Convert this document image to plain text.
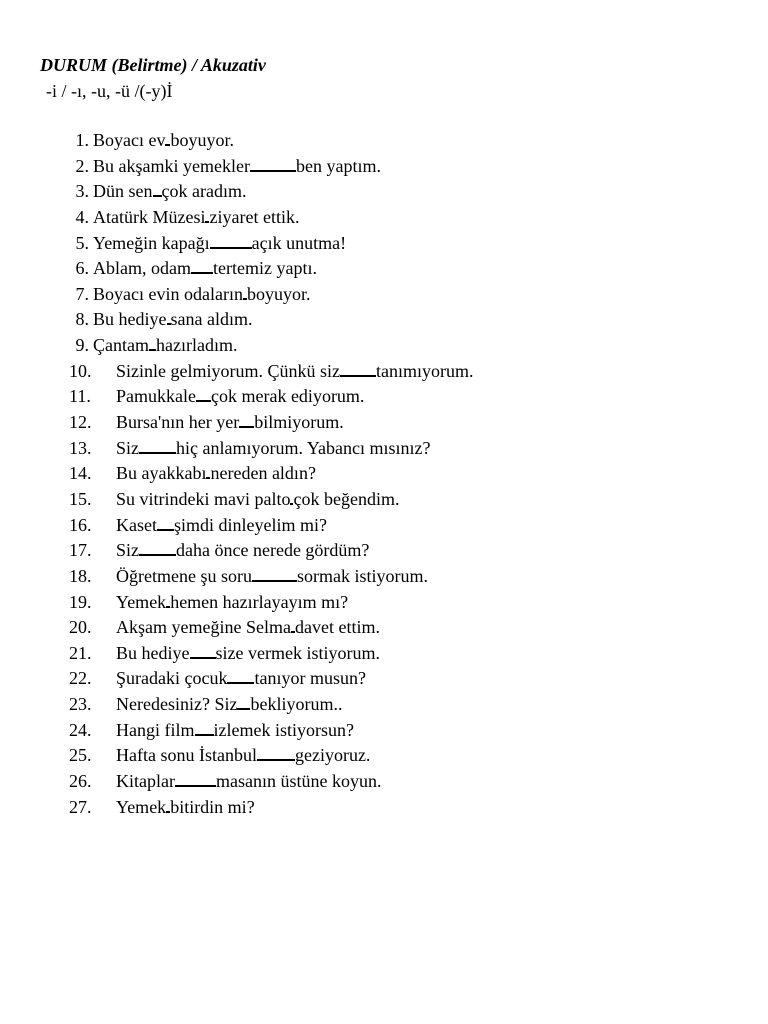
DURUM (Belirtme) / Akuzativ
-i / -ı, -u, -ü /(-y)İ
1. Boyacı ev boyuyor.
2. Bu akşamki yemekler	ben yaptım.
3. Dün sen çok aradım.
4. Atatürk Müzesi ziyaret ettik.
5. Yemeğin kapağı açık unutma!
6. Ablam, odam tertemiz yaptı.
7. Boyacı evin odaların boyuyor.
8. Bu hediye sana aldım.
9. Çantam hazırladım.
10. Sizinle gelmiyorum. Çünkü siz tanımıyorum.
11. Pamukkale çok merak ediyorum.
12. Bursa'nın her yer bilmiyorum.
13. Siz hiç anlamıyorum. Yabancı mısınız?
14. Bu ayakkabı nereden aldın?
15. Su vitrindeki mavi palto çok beğendim.
16. Kaset şimdi dinleyelim mi?
17. Siz daha önce nerede gördüm?
18. Öğretmene şu soru	sormak istiyorum.
19. Yemek hemen hazırlayayım mı?
20. Akşam yemeğine Selma davet ettim.
21. Bu hediye size vermek istiyorum.
22. Şuradaki çocuk tanıyor musun?
23. Neredesiniz? Siz bekliyorum..
24. Hangi film izlemek istiyorsun?
25. Hafta sonu İstanbul geziyoruz.
26. Kitaplar masanın üstüne koyun.
27. Yemek bitirdin mi?
